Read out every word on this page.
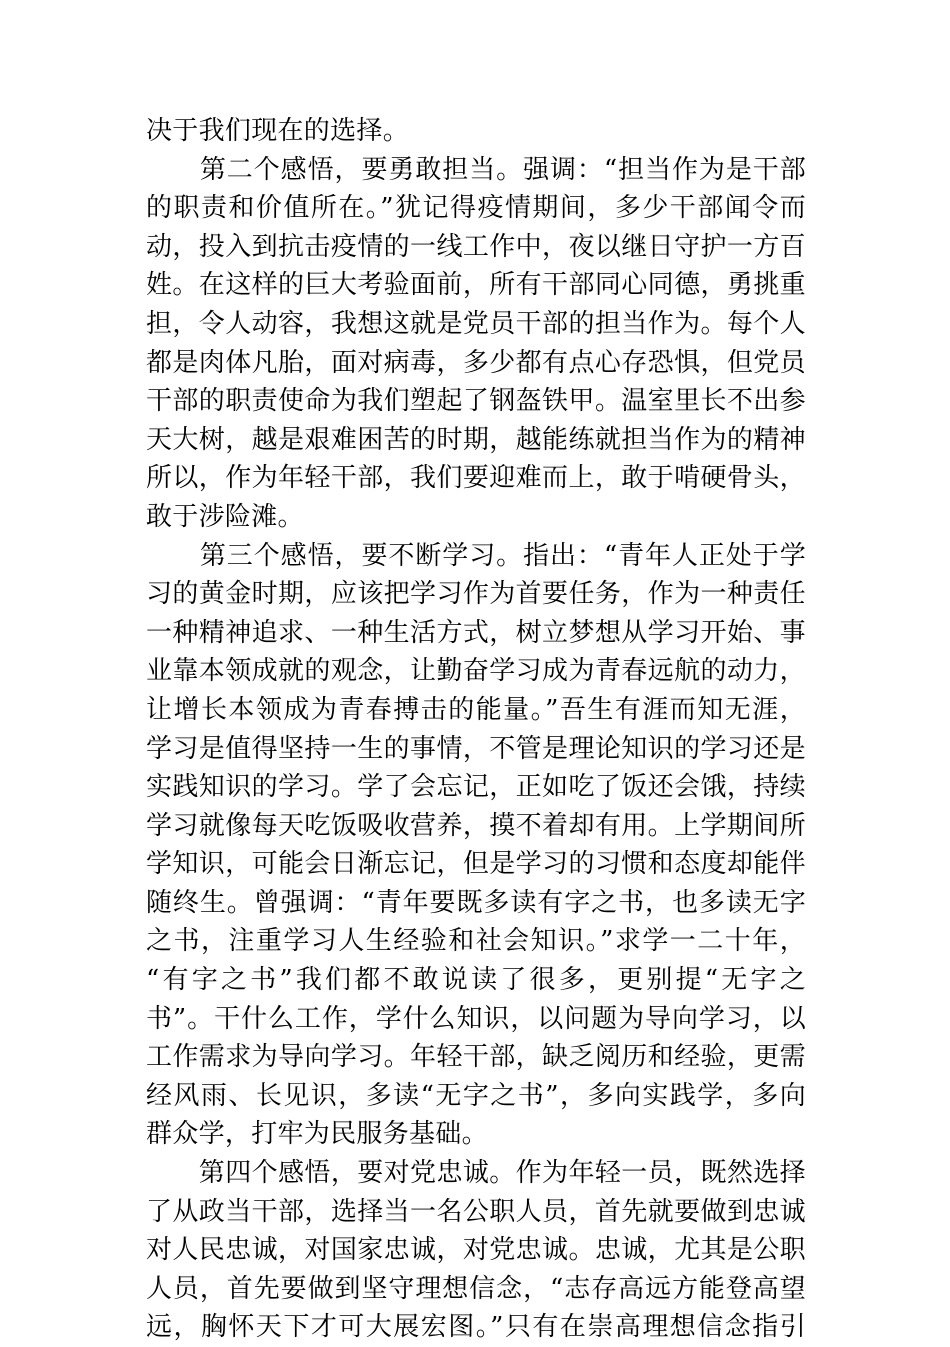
决于我们现在的选择。
　　第二个感悟，要勇敢担当。强调：“担当作为是干部
的职责和价值所在。”犹记得疫情期间，多少干部闻令而
动，投入到抗击疫情的一线工作中，夜以继日守护一方百
姓。在这样的巨大考验面前，所有干部同心同德，勇挑重
担，令人动容，我想这就是党员干部的担当作为。每个人
都是肉体凡胎，面对病毒，多少都有点心存恐惧，但党员
干部的职责使命为我们塑起了钢盔铁甲。温室里长不出参
天大树，越是艰难困苦的时期，越能练就担当作为的精神
所以，作为年轻干部，我们要迎难而上，敢于啃硬骨头，
敢于涉险滩。
　　第三个感悟，要不断学习。指出：“青年人正处于学
习的黄金时期，应该把学习作为首要任务，作为一种责任
一种精神追求、一种生活方式，树立梦想从学习开始、事
业靠本领成就的观念，让勤奋学习成为青春远航的动力，
让增长本领成为青春搏击的能量。”吾生有涯而知无涯，
学习是值得坚持一生的事情，不管是理论知识的学习还是
实践知识的学习。学了会忘记，正如吃了饭还会饿，持续
学习就像每天吃饭吸收营养，摸不着却有用。上学期间所
学知识，可能会日渐忘记，但是学习的习惯和态度却能伴
随终生。曾强调：“青年要既多读有字之书，也多读无字
之书，注重学习人生经验和社会知识。”求学一二十年，
“有字之书”我们都不敢说读了很多，更别提“无字之
书”。干什么工作，学什么知识，以问题为导向学习，以
工作需求为导向学习。年轻干部，缺乏阅历和经验，更需
经风雨、长见识，多读“无字之书”，多向实践学，多向
群众学，打牢为民服务基础。
　　第四个感悟，要对党忠诚。作为年轻一员，既然选择
了从政当干部，选择当一名公职人员，首先就要做到忠诚
对人民忠诚，对国家忠诚，对党忠诚。忠诚，尤其是公职
人员，首先要做到坚守理想信念，“志存高远方能登高望
远，胸怀天下才可大展宏图。”只有在崇高理想信念指引
